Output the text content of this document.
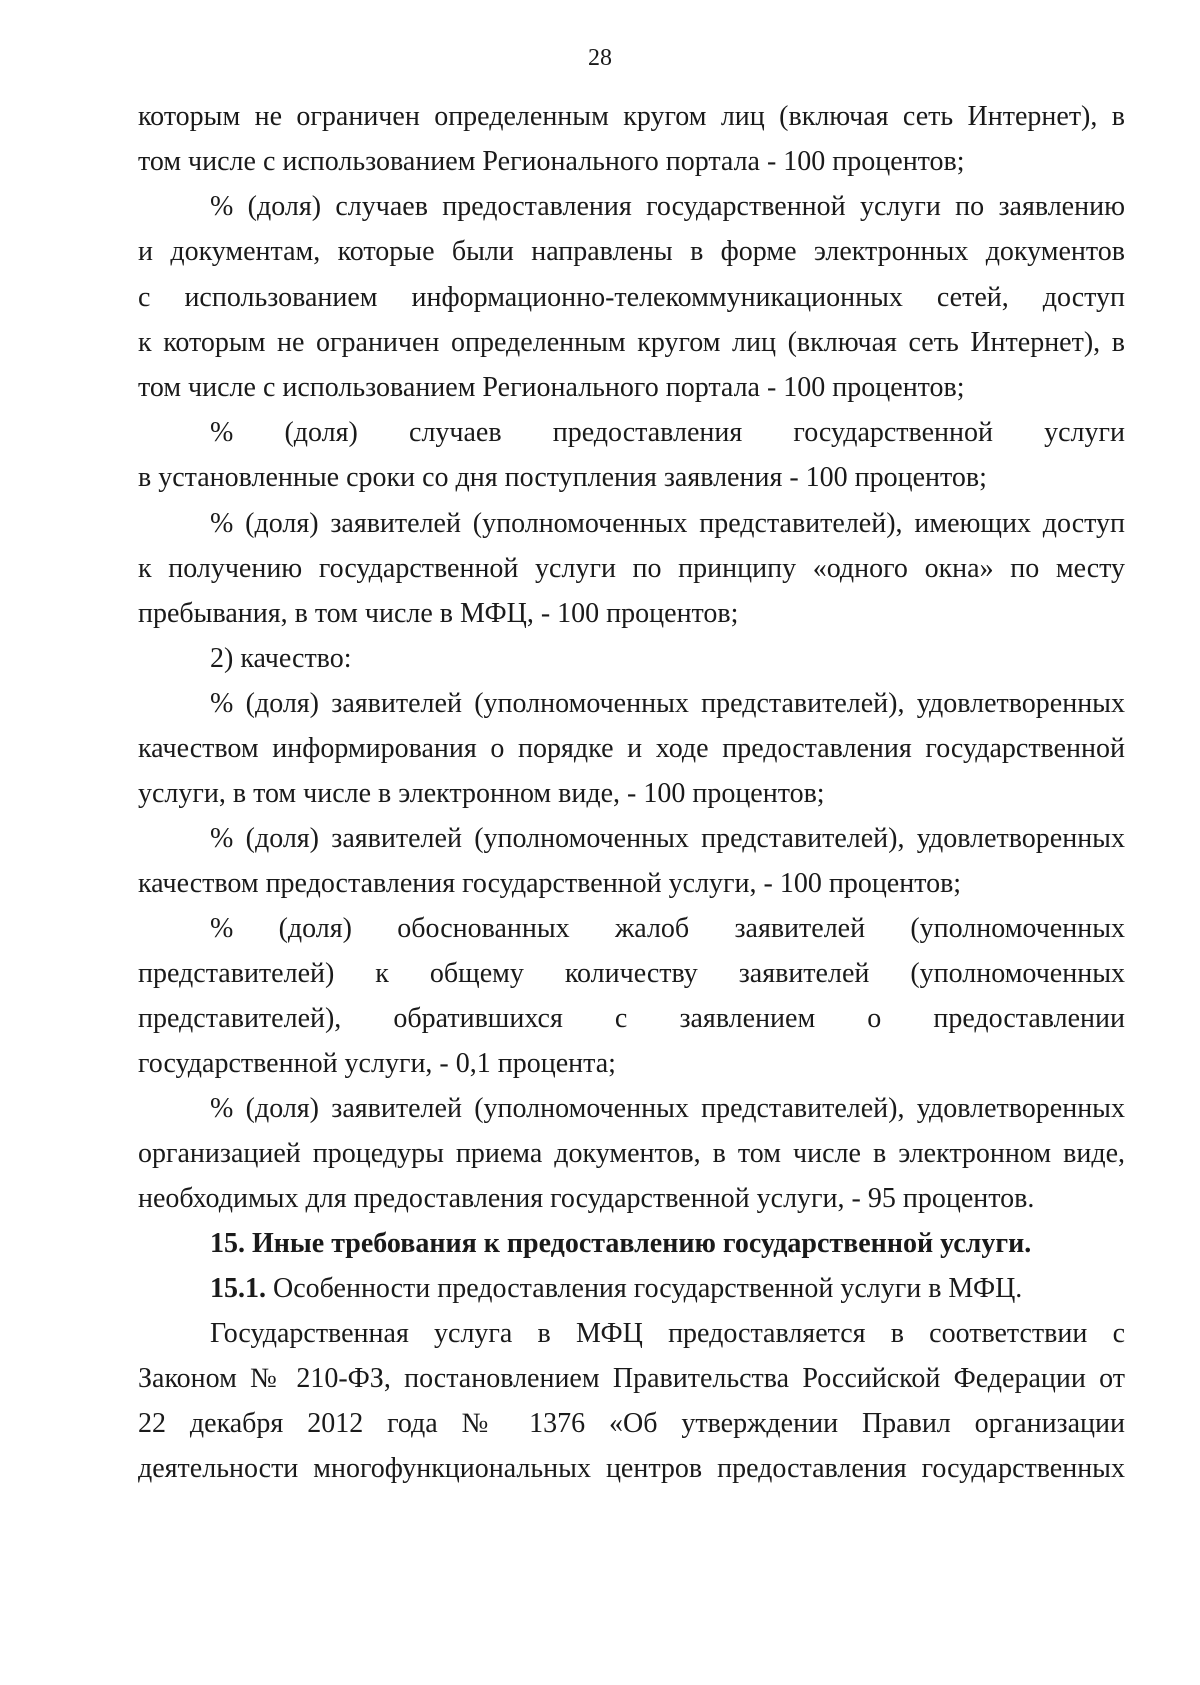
28
которым не ограничен определенным кругом лиц (включая сеть Интернет), в
том числе с использованием Регионального портала - 100 процентов;
% (доля) случаев предоставления государственной услуги по заявлению
и документам, которые были направлены в форме электронных документов
с использованием информационно-телекоммуникационных сетей, доступ
к которым не ограничен определенным кругом лиц (включая сеть Интернет), в
том числе с использованием Регионального портала - 100 процентов;
% (доля) случаев предоставления государственной услуги
в установленные сроки со дня поступления заявления - 100 процентов;
% (доля) заявителей (уполномоченных представителей), имеющих доступ
к получению государственной услуги по принципу «одного окна» по месту
пребывания, в том числе в МФЦ, - 100 процентов;
2) качество:
% (доля) заявителей (уполномоченных представителей), удовлетворенных
качеством информирования о порядке и ходе предоставления государственной
услуги, в том числе в электронном виде, - 100 процентов;
% (доля) заявителей (уполномоченных представителей), удовлетворенных
качеством предоставления государственной услуги, - 100 процентов;
% (доля) обоснованных жалоб заявителей (уполномоченных
представителей) к общему количеству заявителей (уполномоченных
представителей), обратившихся с заявлением о предоставлении
государственной услуги, - 0,1 процента;
% (доля) заявителей (уполномоченных представителей), удовлетворенных
организацией процедуры приема документов, в том числе в электронном виде,
необходимых для предоставления государственной услуги, - 95 процентов.
15. Иные требования к предоставлению государственной услуги.
15.1. Особенности предоставления государственной услуги в МФЦ.
Государственная услуга в МФЦ предоставляется в соответствии с
Законом № 210-ФЗ, постановлением Правительства Российской Федерации от
22 декабря 2012 года № 1376 «Об утверждении Правил организации
деятельности многофункциональных центров предоставления государственных
